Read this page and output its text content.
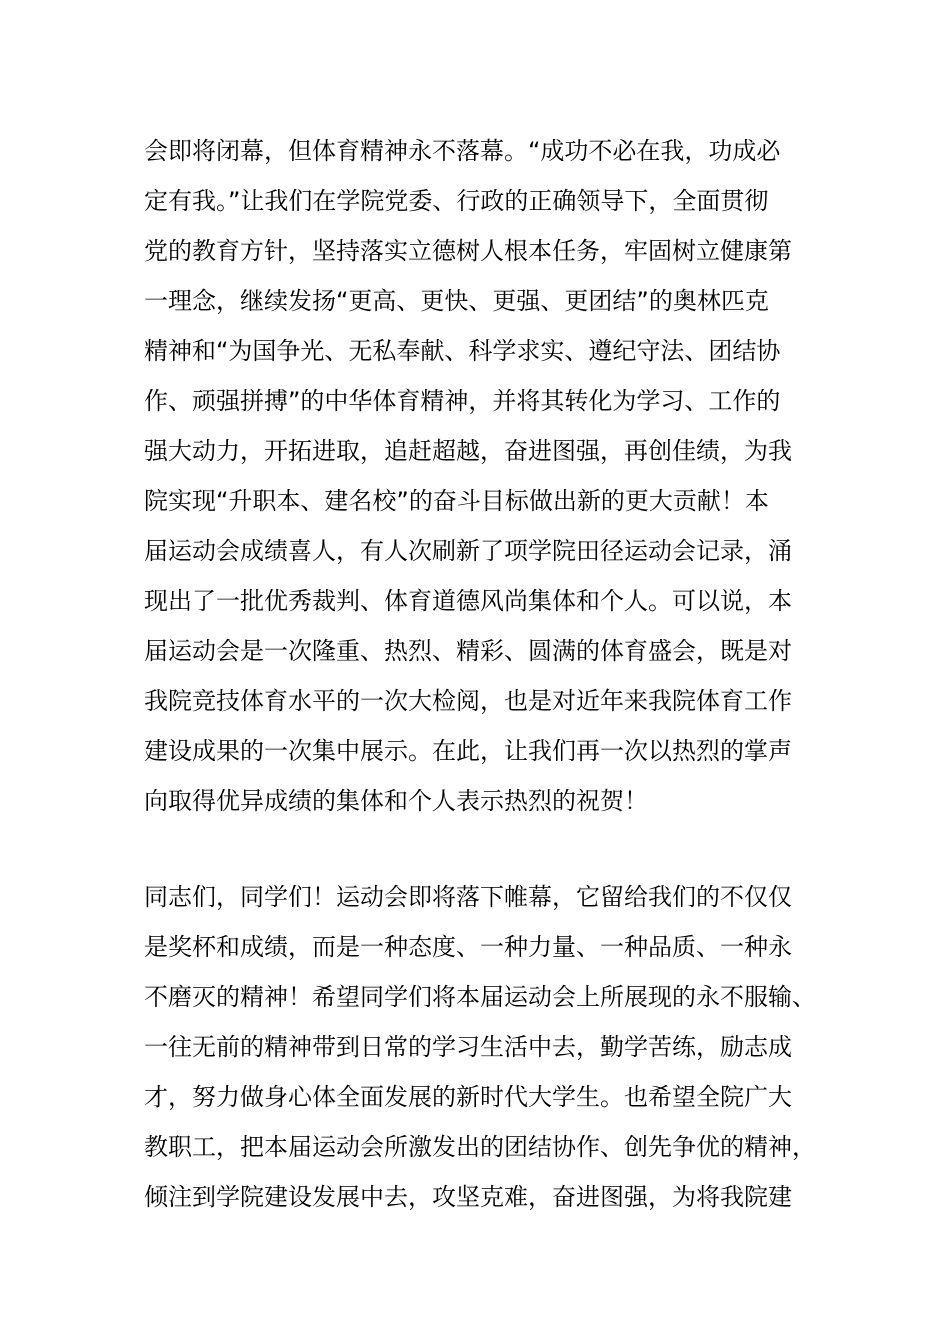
会即将闭幕，但体育精神永不落幕。“成功不必在我，功成必
定有我。”让我们在学院党委、行政的正确领导下，全面贯彻
党的教育方针，坚持落实立德树人根本任务，牢固树立健康第
一理念，继续发扬“更高、更快、更强、更团结”的奥林匹克
精神和“为国争光、无私奉献、科学求实、遵纪守法、团结协
作、顽强拼搏”的中华体育精神，并将其转化为学习、工作的
强大动力，开拓进取，追赶超越，奋进图强，再创佳绩，为我
院实现“升职本、建名校”的奋斗目标做出新的更大贡献！本
届运动会成绩喜人，有人次刷新了项学院田径运动会记录，涌
现出了一批优秀裁判、体育道德风尚集体和个人。可以说，本
届运动会是一次隆重、热烈、精彩、圆满的体育盛会，既是对
我院竞技体育水平的一次大检阅，也是对近年来我院体育工作
建设成果的一次集中展示。在此，让我们再一次以热烈的掌声
向取得优异成绩的集体和个人表示热烈的祝贺！
同志们，同学们！运动会即将落下帷幕，它留给我们的不仅仅
是奖杯和成绩，而是一种态度、一种力量、一种品质、一种永
不磨灭的精神！希望同学们将本届运动会上所展现的永不服输、
一往无前的精神带到日常的学习生活中去，勤学苦练，励志成
才，努力做身心体全面发展的新时代大学生。也希望全院广大
教职工，把本届运动会所激发出的团结协作、创先争优的精神，
倾注到学院建设发展中去，攻坚克难，奋进图强，为将我院建
